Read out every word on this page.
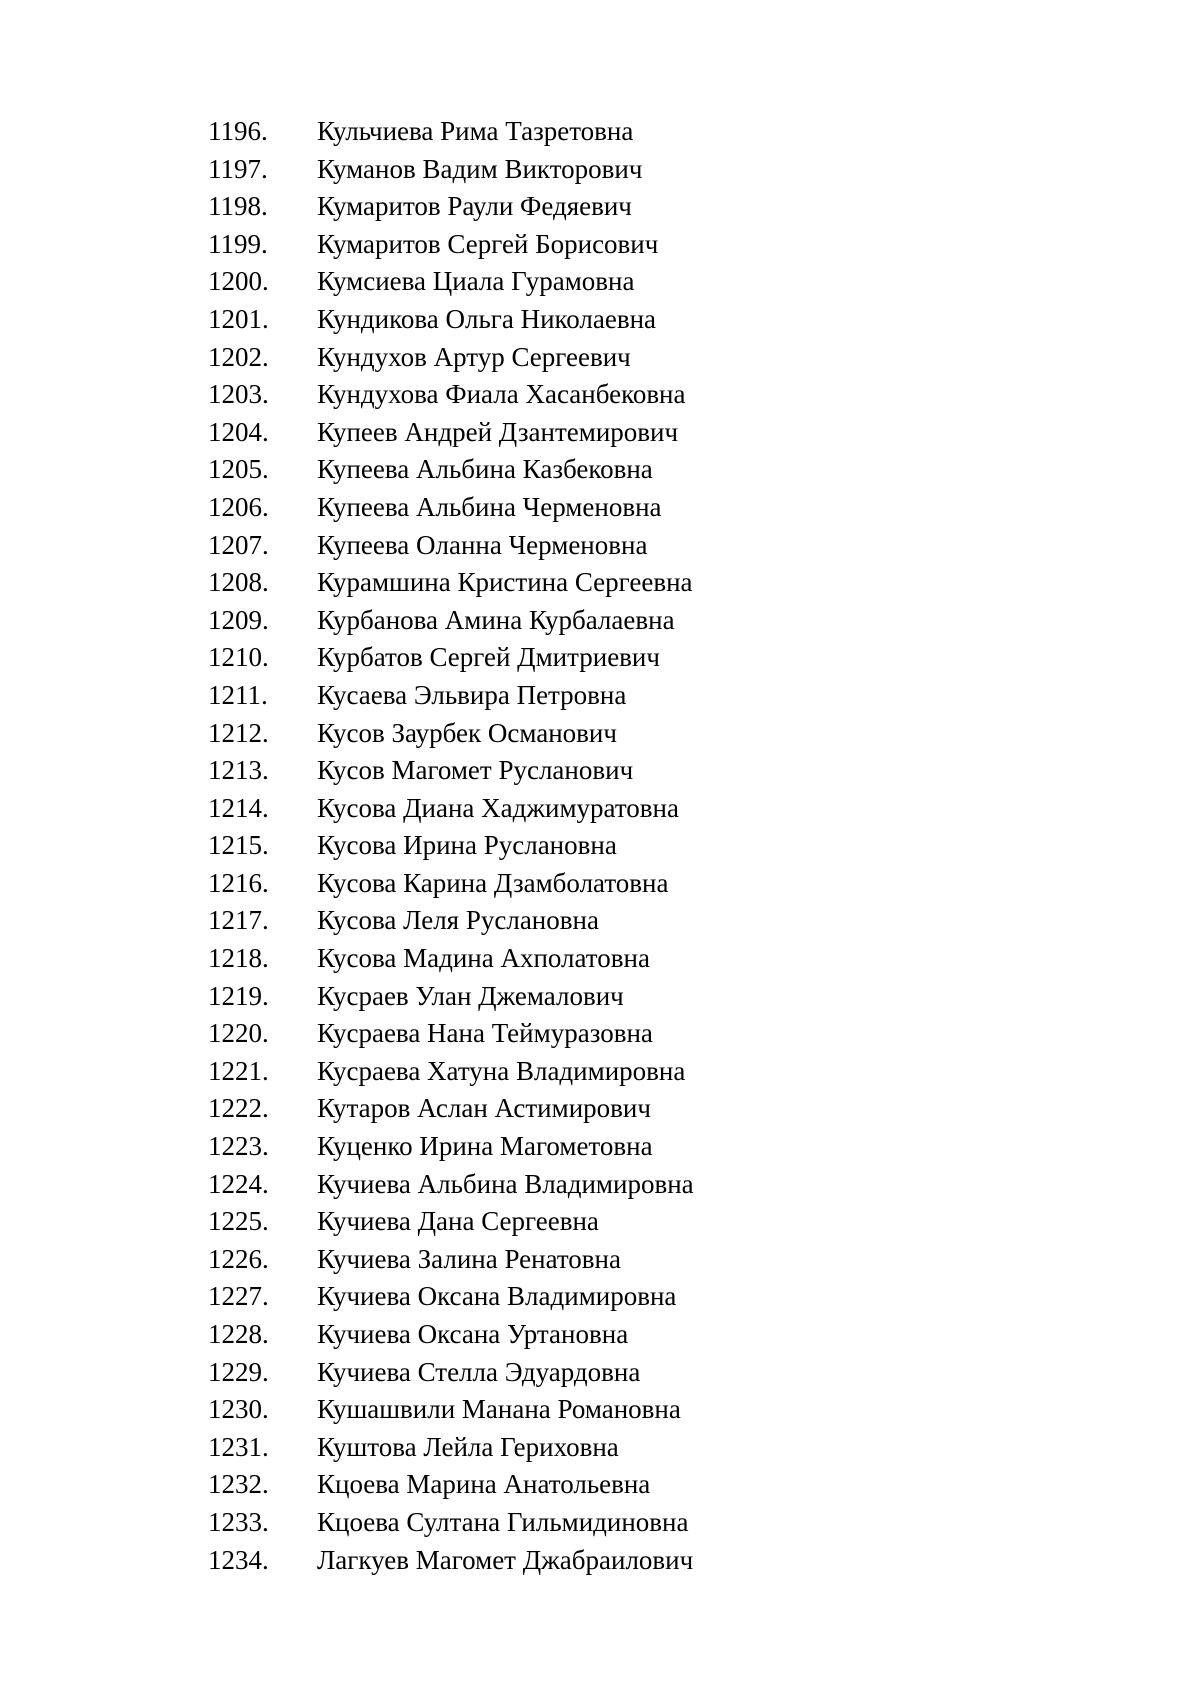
1196.	Кульчиева Рима Тазретовна
1197.	Куманов Вадим Викторович
1198.	Кумаритов Раули Федяевич
1199.	Кумаритов Сергей Борисович
1200.	Кумсиева Циала Гурамовна
1201.	Кундикова Ольга Николаевна
1202.	Кундухов Артур Сергеевич
1203.	Кундухова Фиала Хасанбековна
1204.	Купеев Андрей Дзантемирович
1205.	Купеева Альбина Казбековна
1206.	Купеева Альбина Черменовна
1207.	Купеева Оланна Черменовна
1208.	Курамшина Кристина Сергеевна
1209.	Курбанова Амина Курбалаевна
1210.	Курбатов Сергей Дмитриевич
1211.	Кусаева Эльвира Петровна
1212.	Кусов Заурбек Османович
1213.	Кусов Магомет Русланович
1214.	Кусова Диана Хаджимуратовна
1215.	Кусова Ирина Руслановна
1216.	Кусова Карина Дзамболатовна
1217.	Кусова Леля Руслановна
1218.	Кусова Мадина Ахполатовна
1219.	Кусраев Улан Джемалович
1220.	Кусраева Нана Теймуразовна
1221.	Кусраева Хатуна Владимировна
1222.	Кутаров Аслан Астимирович
1223.	Куценко Ирина Магометовна
1224.	Кучиева Альбина Владимировна
1225.	Кучиева Дана Сергеевна
1226.	Кучиева Залина Ренатовна
1227.	Кучиева Оксана Владимировна
1228.	Кучиева Оксана Уртановна
1229.	Кучиева Стелла Эдуардовна
1230.	Кушашвили Манана Романовна
1231.	Куштова Лейла Гериховна
1232.	Кцоева Марина Анатольевна
1233.	Кцоева Султана Гильмидиновна
1234.	Лагкуев Магомет Джабраилович
